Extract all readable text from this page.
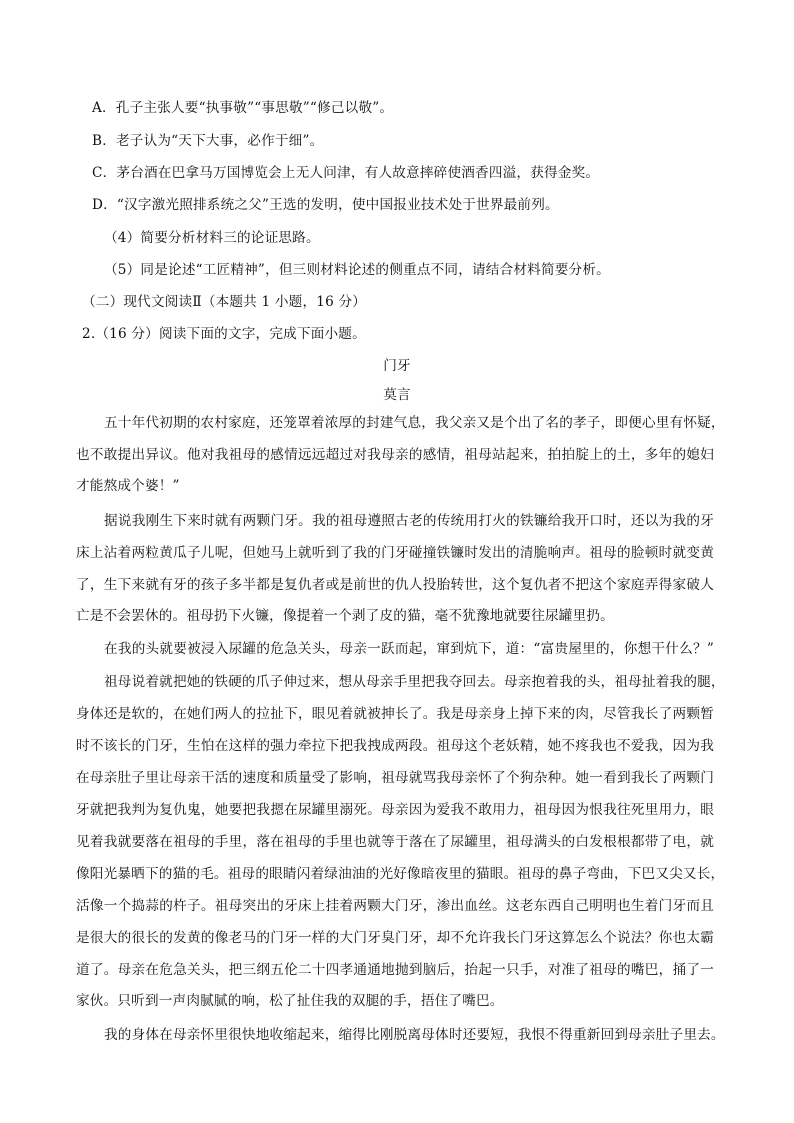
A．孔子主张人要“执事敬”“事思敬”“修己以敬”。
B．老子认为“天下大事，必作于细”。
C．茅台酒在巴拿马万国博览会上无人问津，有人故意摔碎使酒香四溢，获得金奖。
D．“汉字激光照排系统之父”王选的发明，使中国报业技术处于世界最前列。
（4）简要分析材料三的论证思路。
（5）同是论述“工匠精神”，但三则材料论述的侧重点不同，请结合材料简要分析。
（二）现代文阅读Ⅱ（本题共 1 小题，16 分）
2.（16 分）阅读下面的文字，完成下面小题。
门牙
莫言
五十年代初期的农村家庭，还笼罩着浓厚的封建气息，我父亲又是个出了名的孝子，即便心里有怀疑，
也不敢提出异议。他对我祖母的感情远远超过对我母亲的感情，祖母站起来，拍拍腚上的土，多年的媳妇
才能熬成个婆！”
据说我刚生下来时就有两颗门牙。我的祖母遵照古老的传统用打火的铁镰给我开口时，还以为我的牙
床上沾着两粒黄瓜子儿呢，但她马上就听到了我的门牙碰撞铁镰时发出的清脆响声。祖母的脸顿时就变黄
了，生下来就有牙的孩子多半都是复仇者或是前世的仇人投胎转世，这个复仇者不把这个家庭弄得家破人
亡是不会罢休的。祖母扔下火镰，像提着一个剥了皮的猫，毫不犹豫地就要往尿罐里扔。
在我的头就要被浸入尿罐的危急关头，母亲一跃而起，窜到炕下，道：“富贵屋里的，你想干什么？”
祖母说着就把她的铁硬的爪子伸过来，想从母亲手里把我夺回去。母亲抱着我的头，祖母扯着我的腿，
身体还是软的，在她们两人的拉扯下，眼见着就被抻长了。我是母亲身上掉下来的肉，尽管我长了两颗暂
时不该长的门牙，生怕在这样的强力牵拉下把我拽成两段。祖母这个老妖精，她不疼我也不爱我，因为我
在母亲肚子里让母亲干活的速度和质量受了影响，祖母就骂我母亲怀了个狗杂种。她一看到我长了两颗门
牙就把我判为复仇鬼，她要把我摁在尿罐里溺死。母亲因为爱我不敢用力，祖母因为恨我往死里用力，眼
见着我就要落在祖母的手里，落在祖母的手里也就等于落在了尿罐里，祖母满头的白发根根都带了电，就
像阳光暴晒下的猫的毛。祖母的眼睛闪着绿油油的光好像暗夜里的猫眼。祖母的鼻子弯曲，下巴又尖又长，
活像一个捣蒜的杵子。祖母突出的牙床上挂着两颗大门牙，渗出血丝。这老东西自己明明也生着门牙而且
是很大的很长的发黄的像老马的门牙一样的大门牙臭门牙，却不允许我长门牙这算怎么个说法？你也太霸
道了。母亲在危急关头，把三纲五伦二十四孝通通地抛到脑后，抬起一只手，对准了祖母的嘴巴，捅了一
家伙。只听到一声肉腻腻的响，松了扯住我的双腿的手，捂住了嘴巴。
我的身体在母亲怀里很快地收缩起来，缩得比刚脱离母体时还要短，我恨不得重新回到母亲肚子里去。
